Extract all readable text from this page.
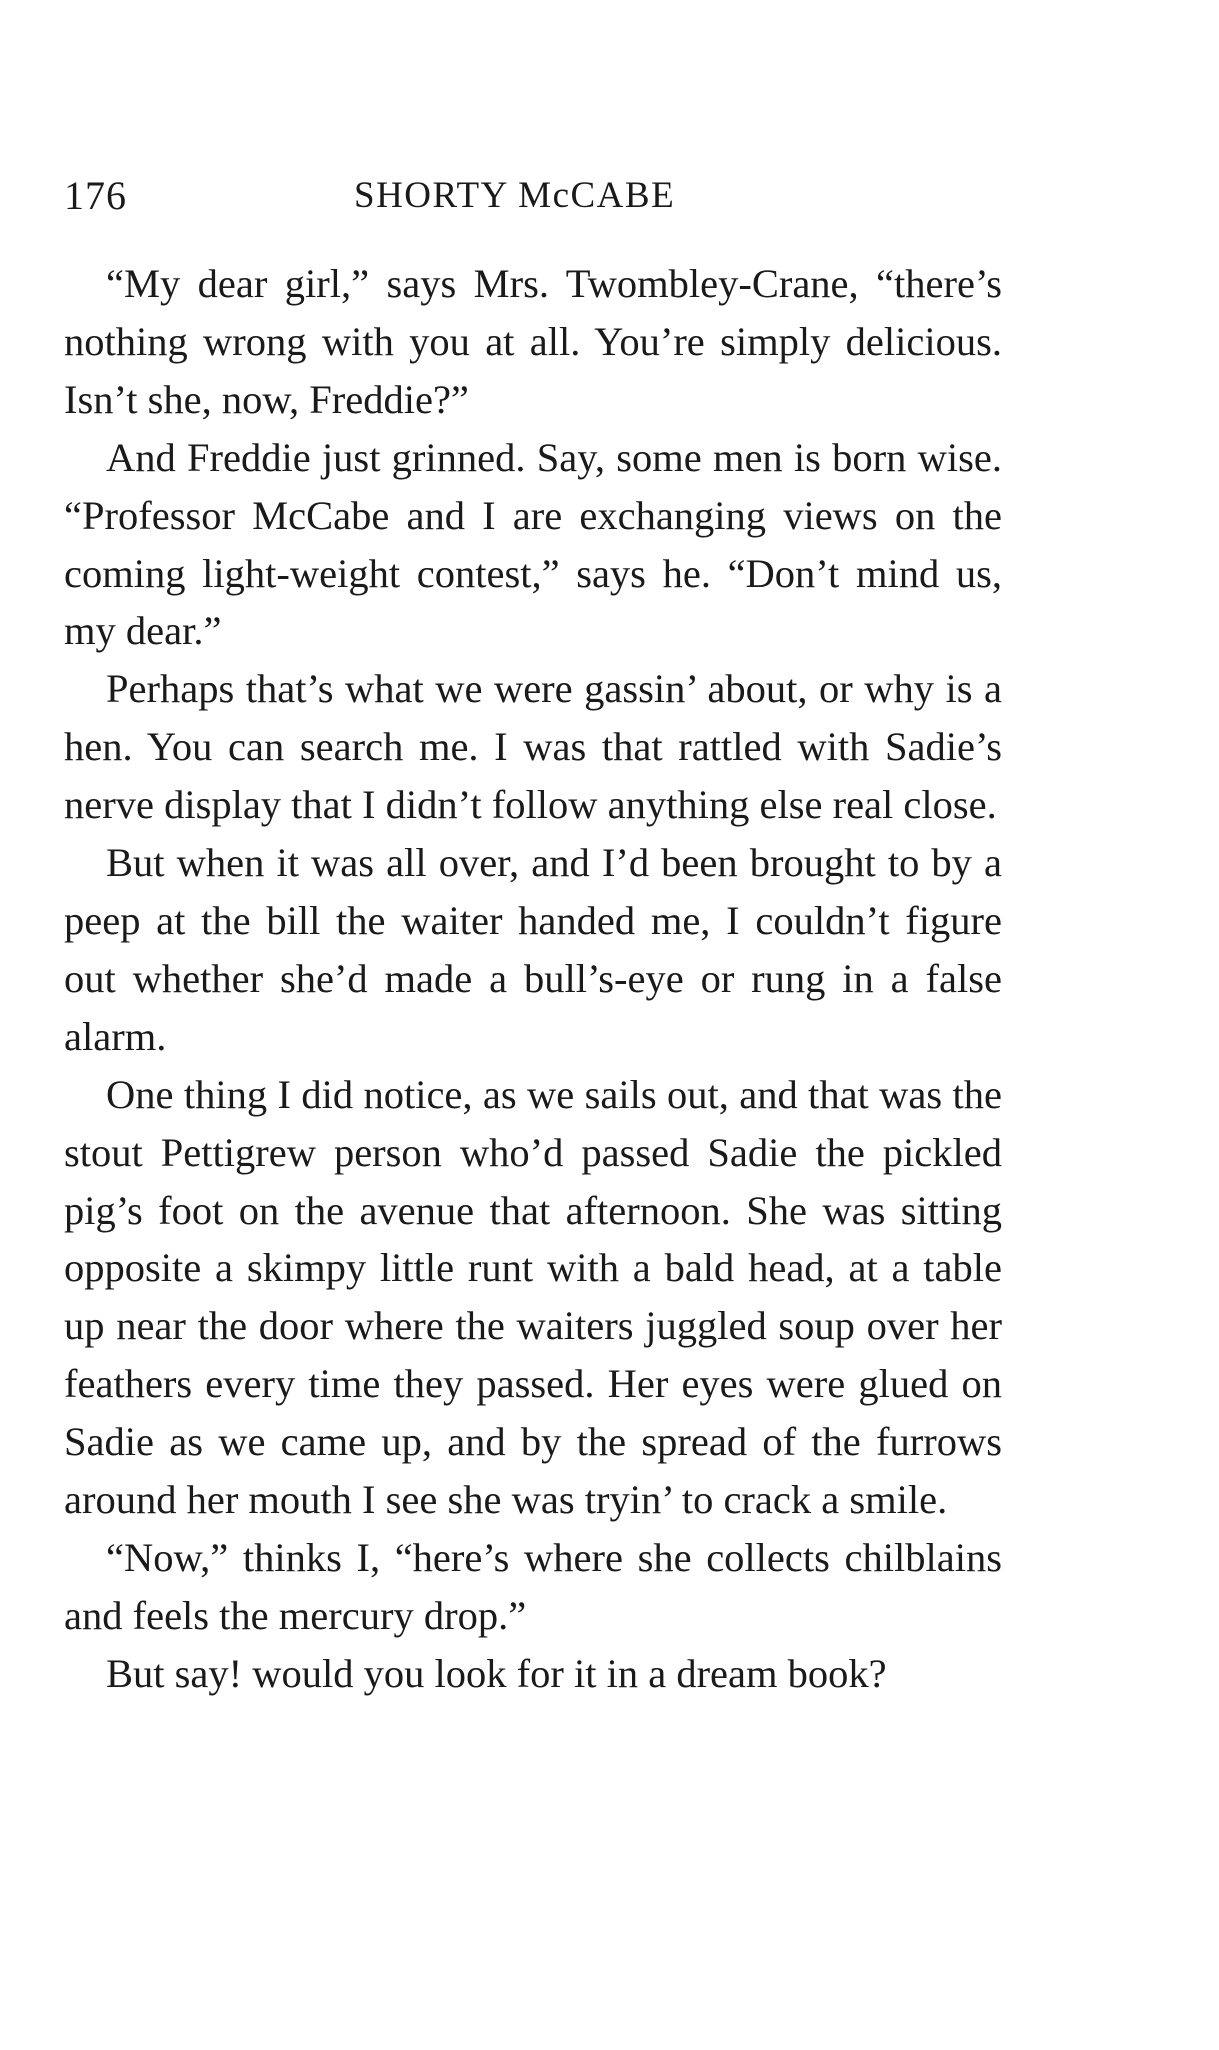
176	SHORTY McCABE

“My dear girl,” says Mrs. Twombley-Crane, “there’s nothing wrong with you at all. You’re simply delicious. Isn’t she, now, Freddie?”

And Freddie just grinned. Say, some men is born wise. “Professor McCabe and I are exchanging views on the coming light-weight contest,” says he. “Don’t mind us, my dear.”

Perhaps that’s what we were gassin’ about, or why is a hen. You can search me. I was that rattled with Sadie’s nerve display that I didn’t follow anything else real close.

But when it was all over, and I’d been brought to by a peep at the bill the waiter handed me, I couldn’t figure out whether she’d made a bull’s-eye or rung in a false alarm.

One thing I did notice, as we sails out, and that was the stout Pettigrew person who’d passed Sadie the pickled pig’s foot on the avenue that afternoon. She was sitting opposite a skimpy little runt with a bald head, at a table up near the door where the waiters juggled soup over her feathers every time they passed. Her eyes were glued on Sadie as we came up, and by the spread of the furrows around her mouth I see she was tryin’ to crack a smile.

“Now,” thinks I, “here’s where she collects chilblains and feels the mercury drop.”

But say! would you look for it in a dream book?
